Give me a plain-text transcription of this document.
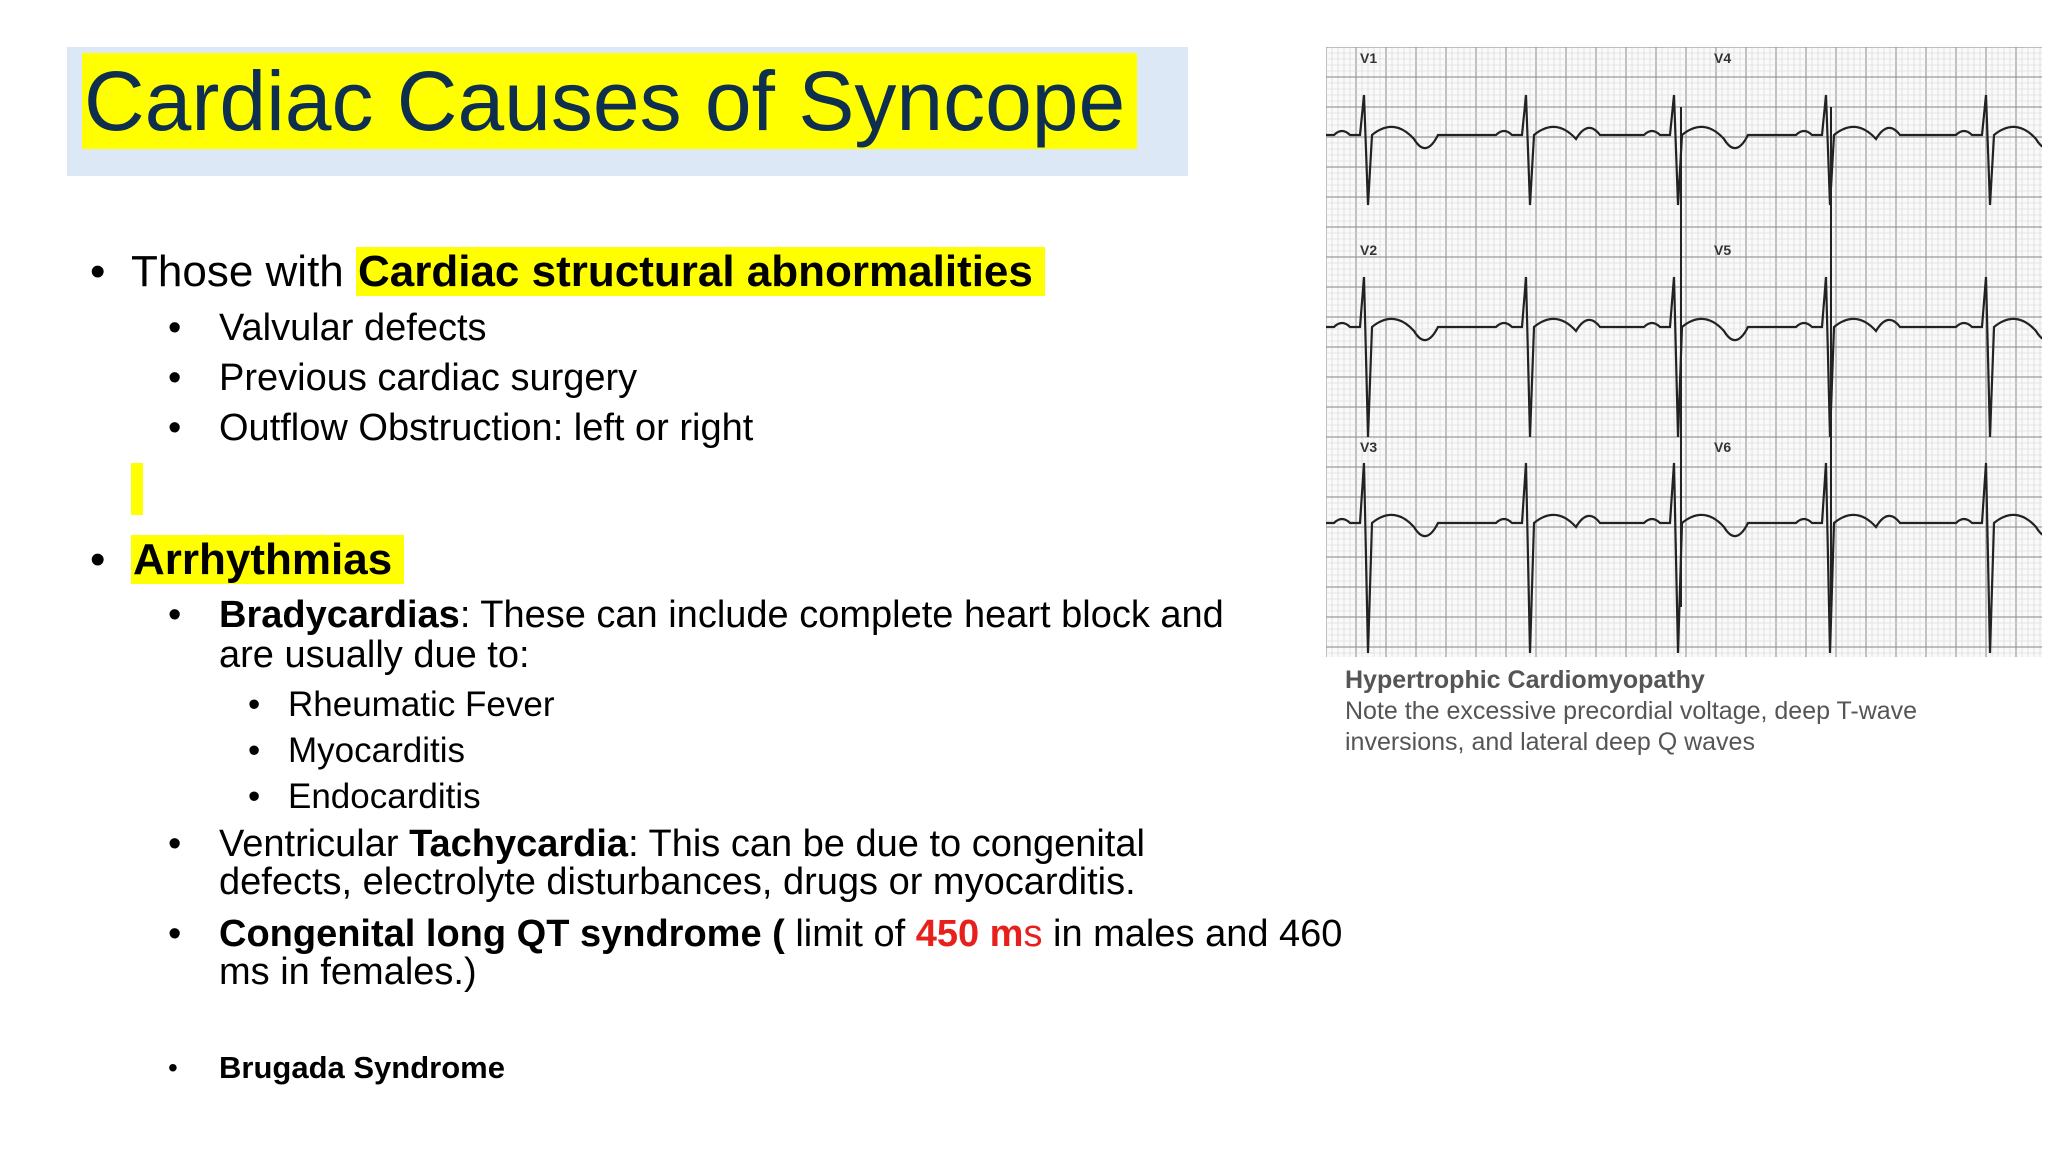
Cardiac Causes of Syncope
• Those with Cardiac structural abnormalities
• Valvular defects
• Previous cardiac surgery
• Outflow Obstruction: left or right
• Arrhythmias
• Bradycardias: These can include complete heart block and
are usually due to:
• Rheumatic Fever
• Myocarditis
• Endocarditis
• Ventricular Tachycardia: This can be due to congenital
defects, electrolyte disturbances, drugs or myocarditis.
• Congenital long QT syndrome ( limit of 450 ms in males and 460
ms in females.)
• Brugada Syndrome
V1	V4
V2	V5
V3	V6
Hypertrophic Cardiomyopathy
Note the excessive precordial voltage, deep T-wave inversions, and lateral deep Q waves
